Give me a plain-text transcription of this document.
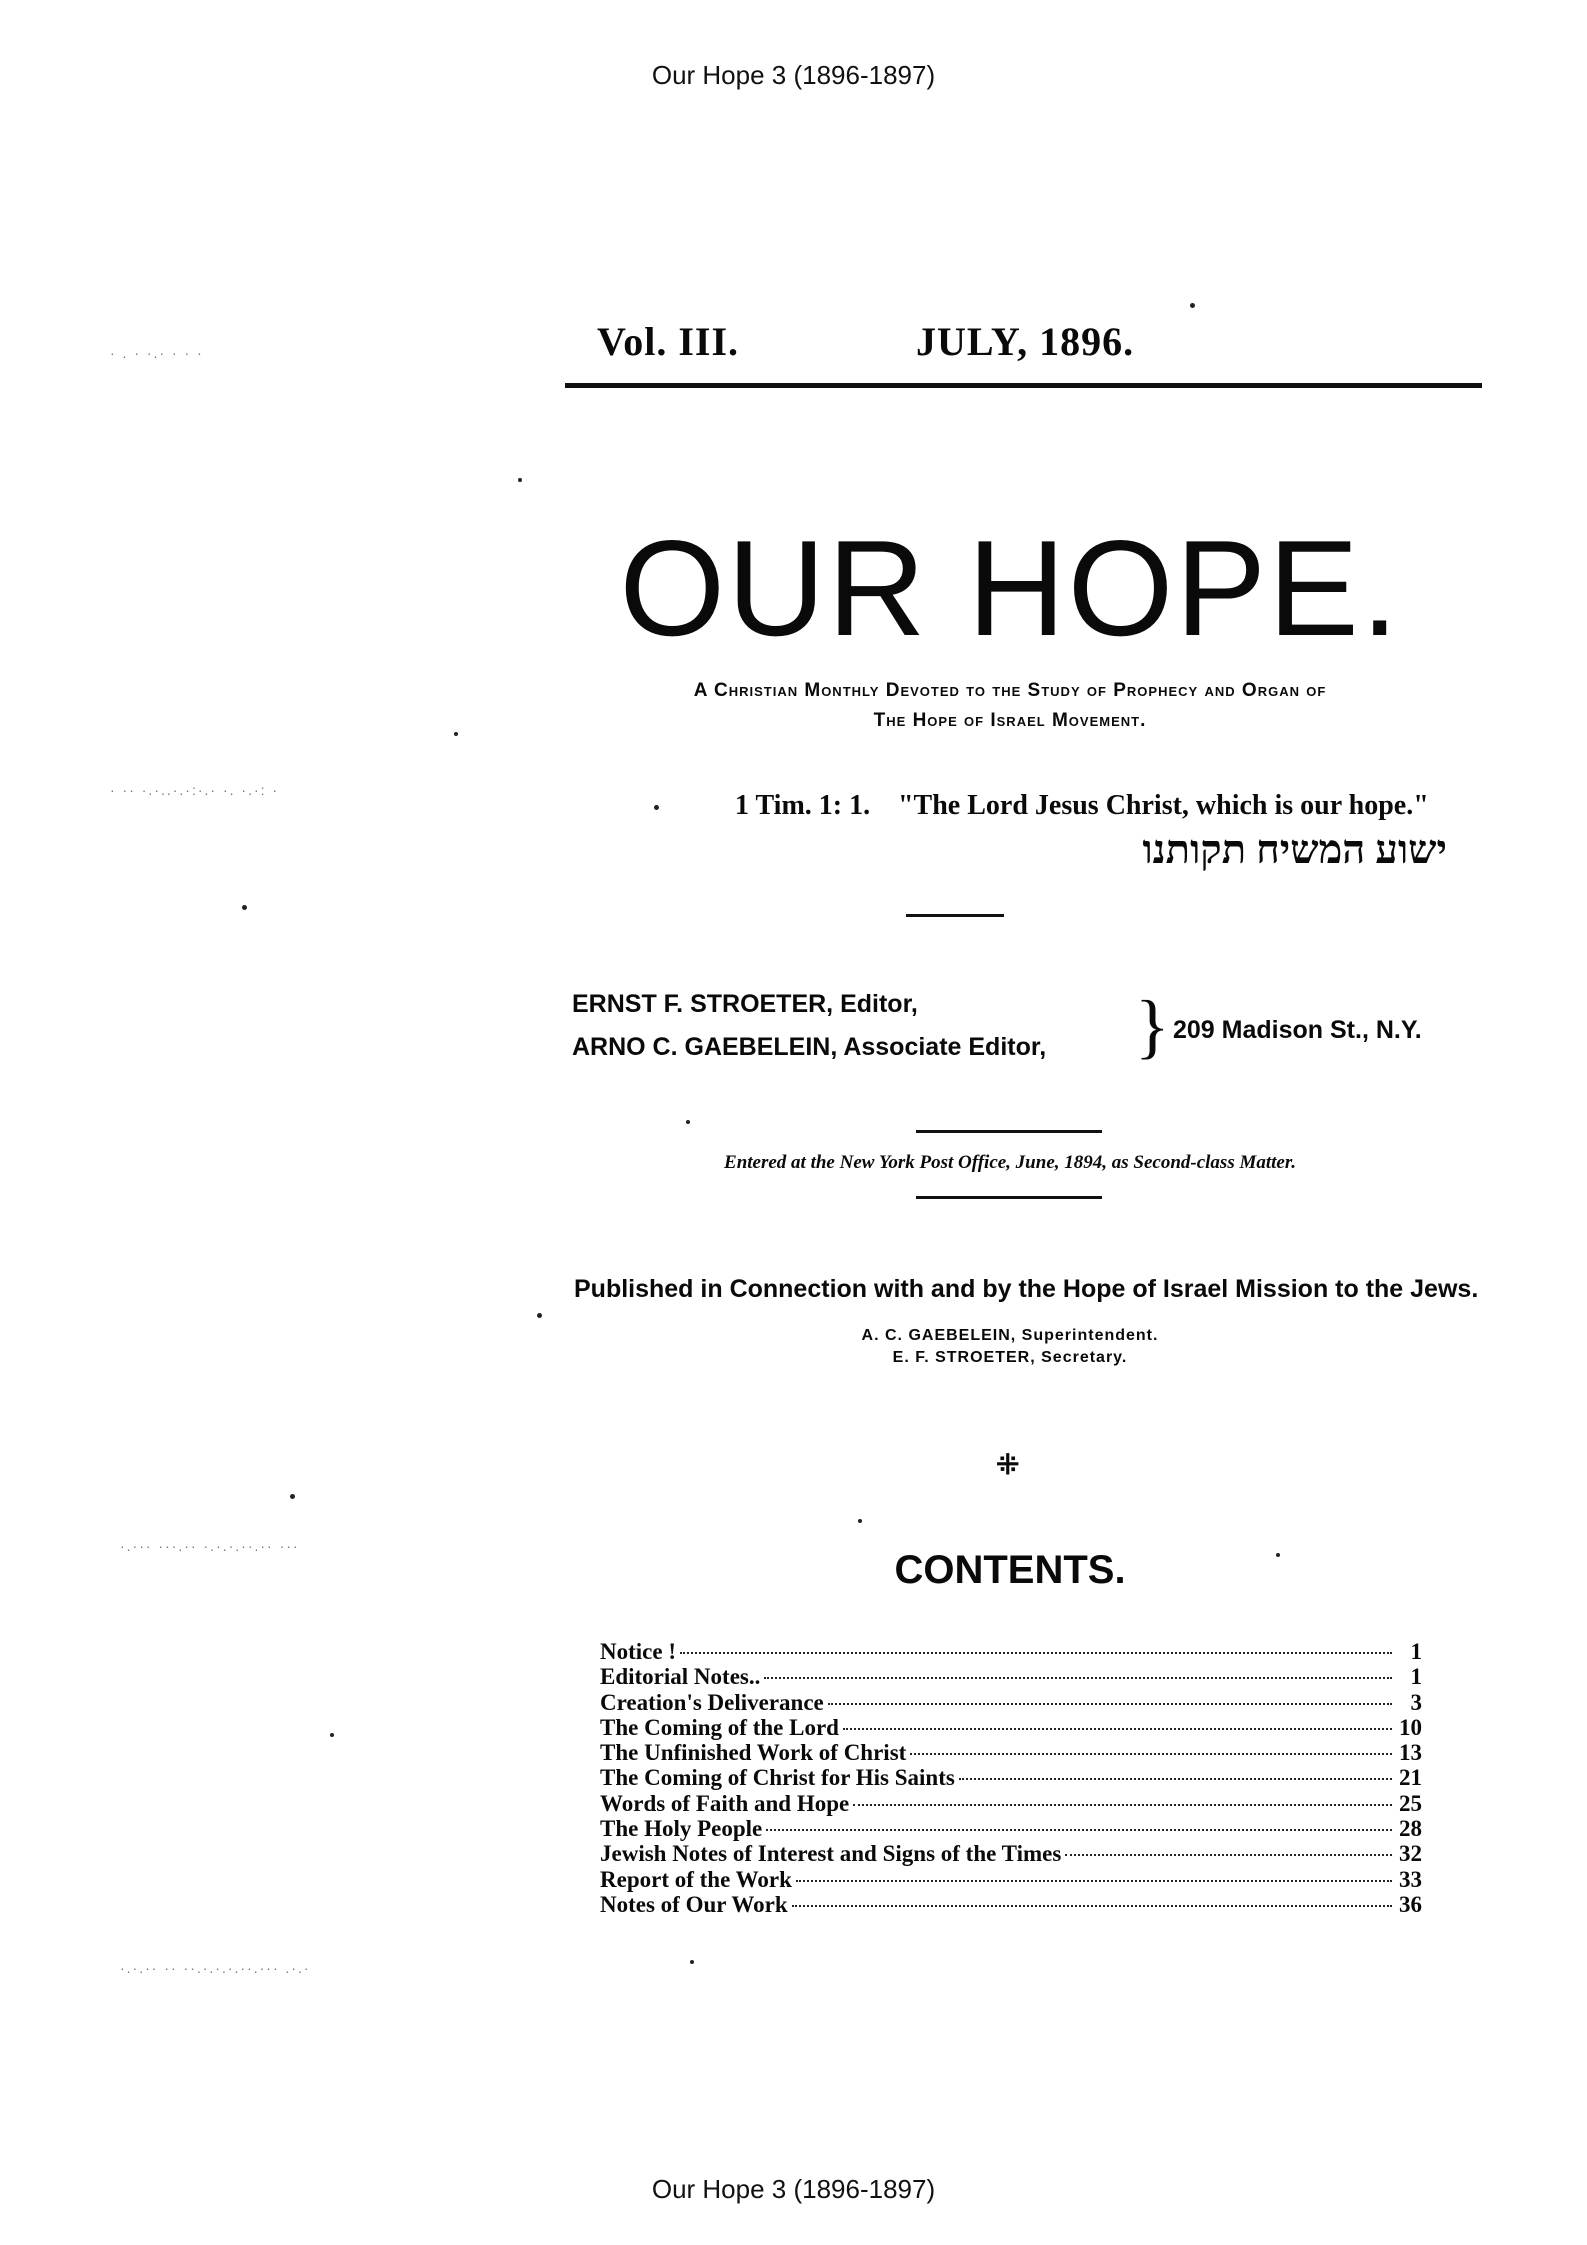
Our Hope 3 (1896-1897)
Our Hope 3 (1896-1897)
Vol. III.	JULY, 1896.
OUR HOPE.
A Christian Monthly Devoted to the Study of Prophecy and Organ of
The Hope of Israel Movement.
1 Tim. 1: 1. "The Lord Jesus Christ, which is our hope."
ישוע המשיח תקותנו
ERNST F. STROETER, Editor,
ARNO C. GAEBELEIN, Associate Editor, } 209 Madison St., N.Y.
Entered at the New York Post Office, June, 1894, as Second-class Matter.
Published in Connection with and by the Hope of Israel Mission to the Jews.
A. C. GAEBELEIN, Superintendent.
E. F. STROETER, Secretary.
⁜
CONTENTS.
Notice !	1
Editorial Notes..	1
Creation's Deliverance	3
The Coming of the Lord	10
The Unfinished Work of Christ	13
The Coming of Christ for His Saints	21
Words of Faith and Hope	25
The Holy People	28
Jewish Notes of Interest and Signs of the Times	32
Report of the Work	33
Notes of Our Work	36
· . · ·.· · · ·
· ·· ·.·..·.·:·.· ·. ·.·: ·
·.··· ···.·· ·.·.·.··.·· ···
·.·.·· ·· ··.·.·.·.··.··· .·.·
